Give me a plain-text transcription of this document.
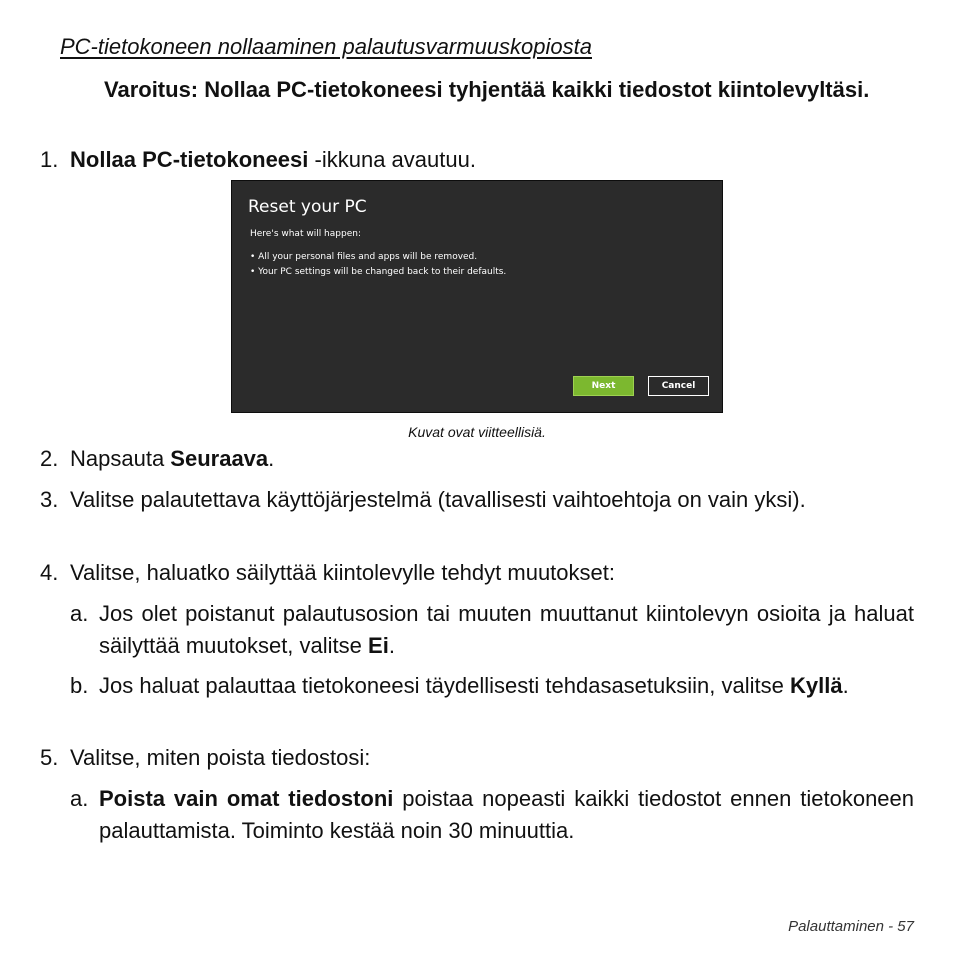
PC-tietokoneen nollaaminen palautusvarmuuskopiosta
Varoitus: Nollaa PC-tietokoneesi tyhjentää kaikki tiedostot kiintolevyltäsi.
1. Nollaa PC-tietokoneesi -ikkuna avautuu.
Reset your PC
Here's what will happen:
• All your personal files and apps will be removed.
• Your PC settings will be changed back to their defaults.
Next	Cancel
Kuvat ovat viitteellisiä.
2. Napsauta Seuraava.
3. Valitse palautettava käyttöjärjestelmä (tavallisesti vaihtoehtoja on vain yksi).
4. Valitse, haluatko säilyttää kiintolevylle tehdyt muutokset:
a. Jos olet poistanut palautusosion tai muuten muuttanut kiintolevyn osioita ja haluat säilyttää muutokset, valitse Ei.
b. Jos haluat palauttaa tietokoneesi täydellisesti tehdasasetuksiin, valitse Kyllä.
5. Valitse, miten poista tiedostosi:
a. Poista vain omat tiedostoni poistaa nopeasti kaikki tiedostot ennen tietokoneen palauttamista. Toiminto kestää noin 30 minuuttia.
Palauttaminen - 57
